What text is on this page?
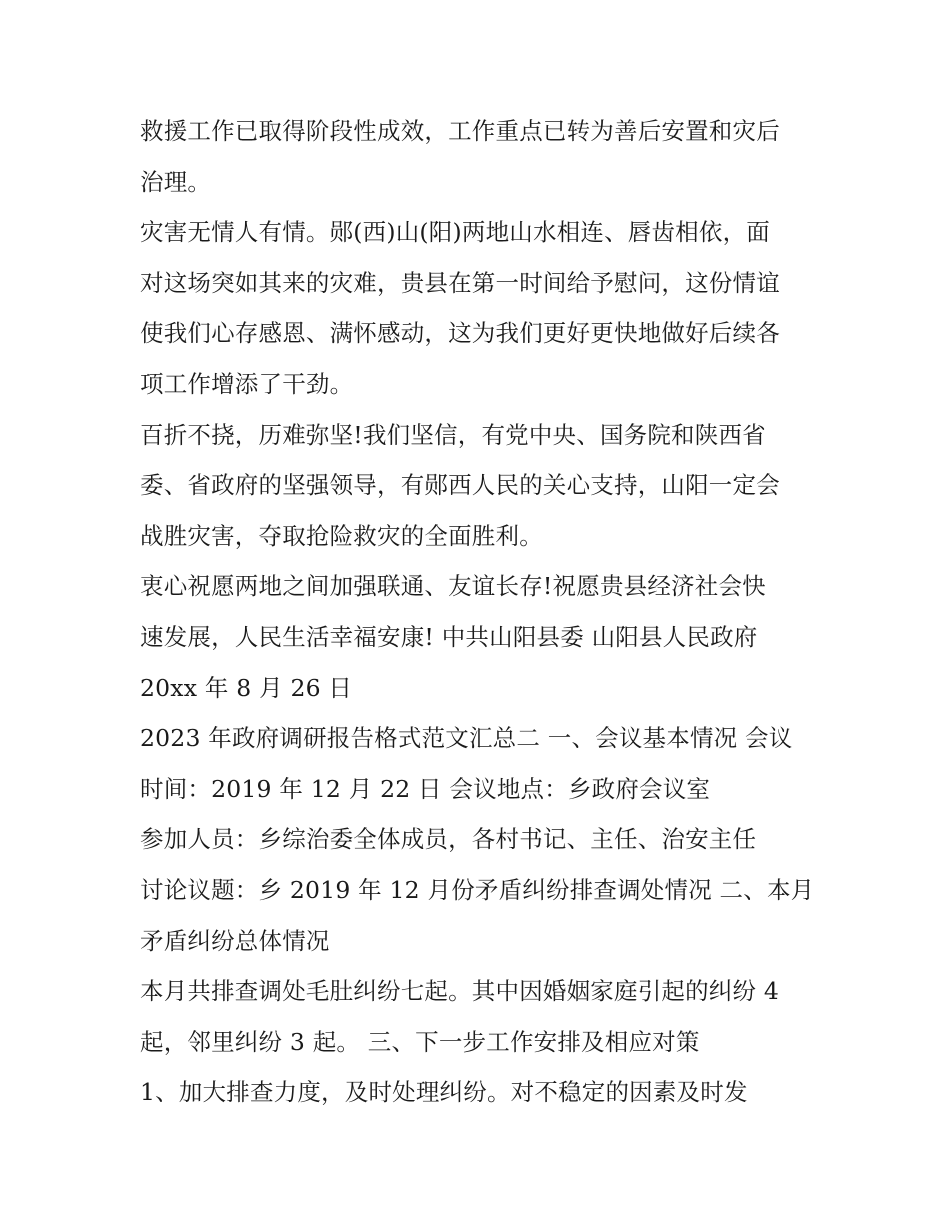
救援工作已取得阶段性成效，工作重点已转为善后安置和灾后
治理。
灾害无情人有情。郧(西)山(阳)两地山水相连、唇齿相依，面
对这场突如其来的灾难，贵县在第一时间给予慰问，这份情谊
使我们心存感恩、满怀感动，这为我们更好更快地做好后续各
项工作增添了干劲。
百折不挠，历难弥坚!我们坚信，有党中央、国务院和陕西省
委、省政府的坚强领导，有郧西人民的关心支持，山阳一定会
战胜灾害，夺取抢险救灾的全面胜利。
衷心祝愿两地之间加强联通、友谊长存!祝愿贵县经济社会快
速发展，人民生活幸福安康! 中共山阳县委 山阳县人民政府
20xx 年 8 月 26 日
2023 年政府调研报告格式范文汇总二 一、会议基本情况 会议
时间：2019 年 12 月 22 日 会议地点：乡政府会议室
参加人员：乡综治委全体成员，各村书记、主任、治安主任
讨论议题：乡 2019 年 12 月份矛盾纠纷排查调处情况 二、本月
矛盾纠纷总体情况
本月共排查调处毛肚纠纷七起。其中因婚姻家庭引起的纠纷 4
起，邻里纠纷 3 起。 三、下一步工作安排及相应对策
1、加大排查力度，及时处理纠纷。对不稳定的因素及时发
